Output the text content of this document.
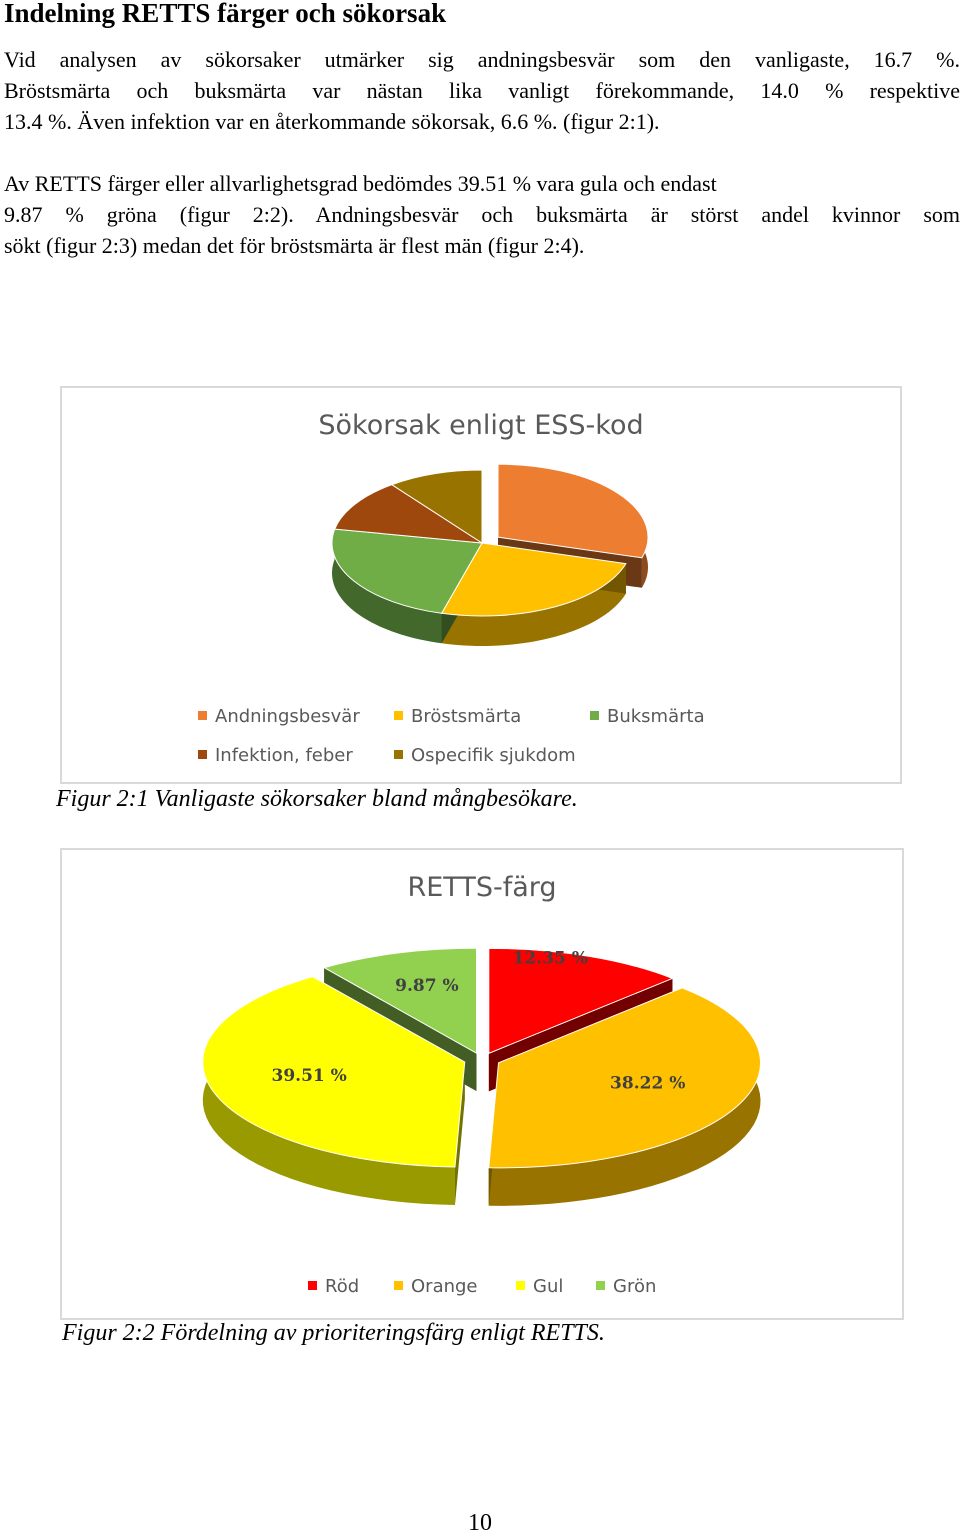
Indelning RETTS färger och sökorsak
Vid analysen av sökorsaker utmärker sig andningsbesvär som den vanligaste, 16.7 %.
Bröstsmärta och buksmärta var nästan lika vanligt förekommande, 14.0 % respektive
13.4 %. Även infektion var en återkommande sökorsak, 6.6 %. (figur 2:1).
Av RETTS färger eller allvarlighetsgrad bedömdes 39.51 % vara gula och endast
9.87 % gröna (figur 2:2). Andningsbesvär och buksmärta är störst andel kvinnor som
sökt (figur 2:3) medan det för bröstsmärta är flest män (figur 2:4).
Sökorsak enligt ESS-kod
Andningsbesvär	Bröstsmärta	Buksmärta
Infektion, feber	Ospecifik sjukdom
Figur 2:1 Vanligaste sökorsaker bland mångbesökare.
RETTS-färg
12.35 %
38.22 %
39.51 %
9.87 %
Röd	Orange	Gul	Grön
Figur 2:2 Fördelning av prioriteringsfärg enligt RETTS.
10
